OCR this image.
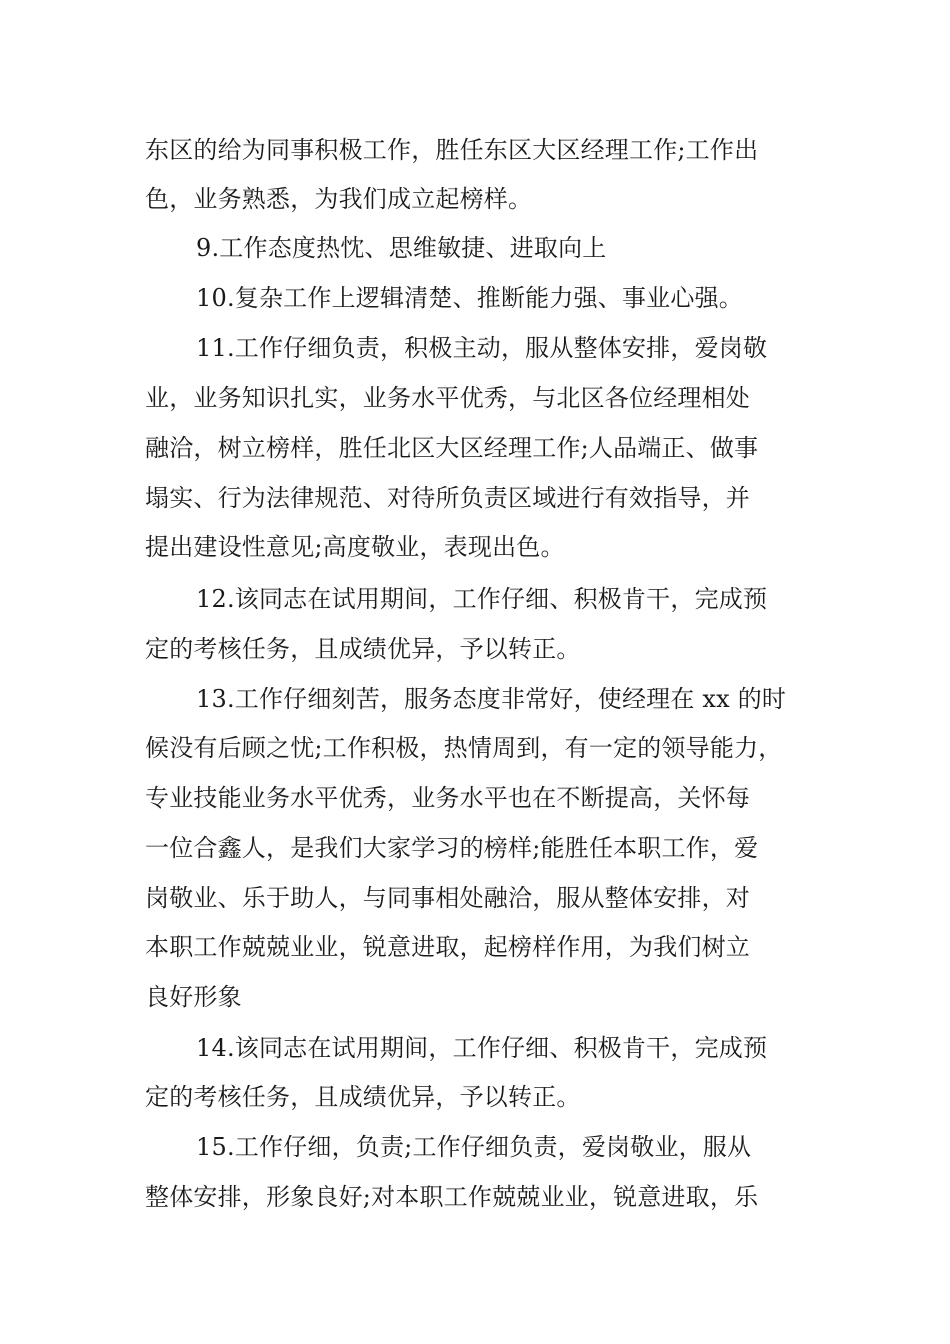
东区的给为同事积极工作，胜任东区大区经理工作;工作出
色，业务熟悉，为我们成立起榜样。
9.工作态度热忱、思维敏捷、进取向上
10.复杂工作上逻辑清楚、推断能力强、事业心强。
11.工作仔细负责，积极主动，服从整体安排，爱岗敬
业，业务知识扎实，业务水平优秀，与北区各位经理相处
融洽，树立榜样，胜任北区大区经理工作;人品端正、做事
塌实、行为法律规范、对待所负责区域进行有效指导，并
提出建设性意见;高度敬业，表现出色。
12.该同志在试用期间，工作仔细、积极肯干，完成预
定的考核任务，且成绩优异，予以转正。
13.工作仔细刻苦，服务态度非常好，使经理在 xx 的时
候没有后顾之忧;工作积极，热情周到，有一定的领导能力，
专业技能业务水平优秀，业务水平也在不断提高，关怀每
一位合鑫人，是我们大家学习的榜样;能胜任本职工作，爱
岗敬业、乐于助人，与同事相处融洽，服从整体安排，对
本职工作兢兢业业，锐意进取，起榜样作用，为我们树立
良好形象
14.该同志在试用期间，工作仔细、积极肯干，完成预
定的考核任务，且成绩优异，予以转正。
15.工作仔细，负责;工作仔细负责，爱岗敬业，服从
整体安排，形象良好;对本职工作兢兢业业，锐意进取，乐
